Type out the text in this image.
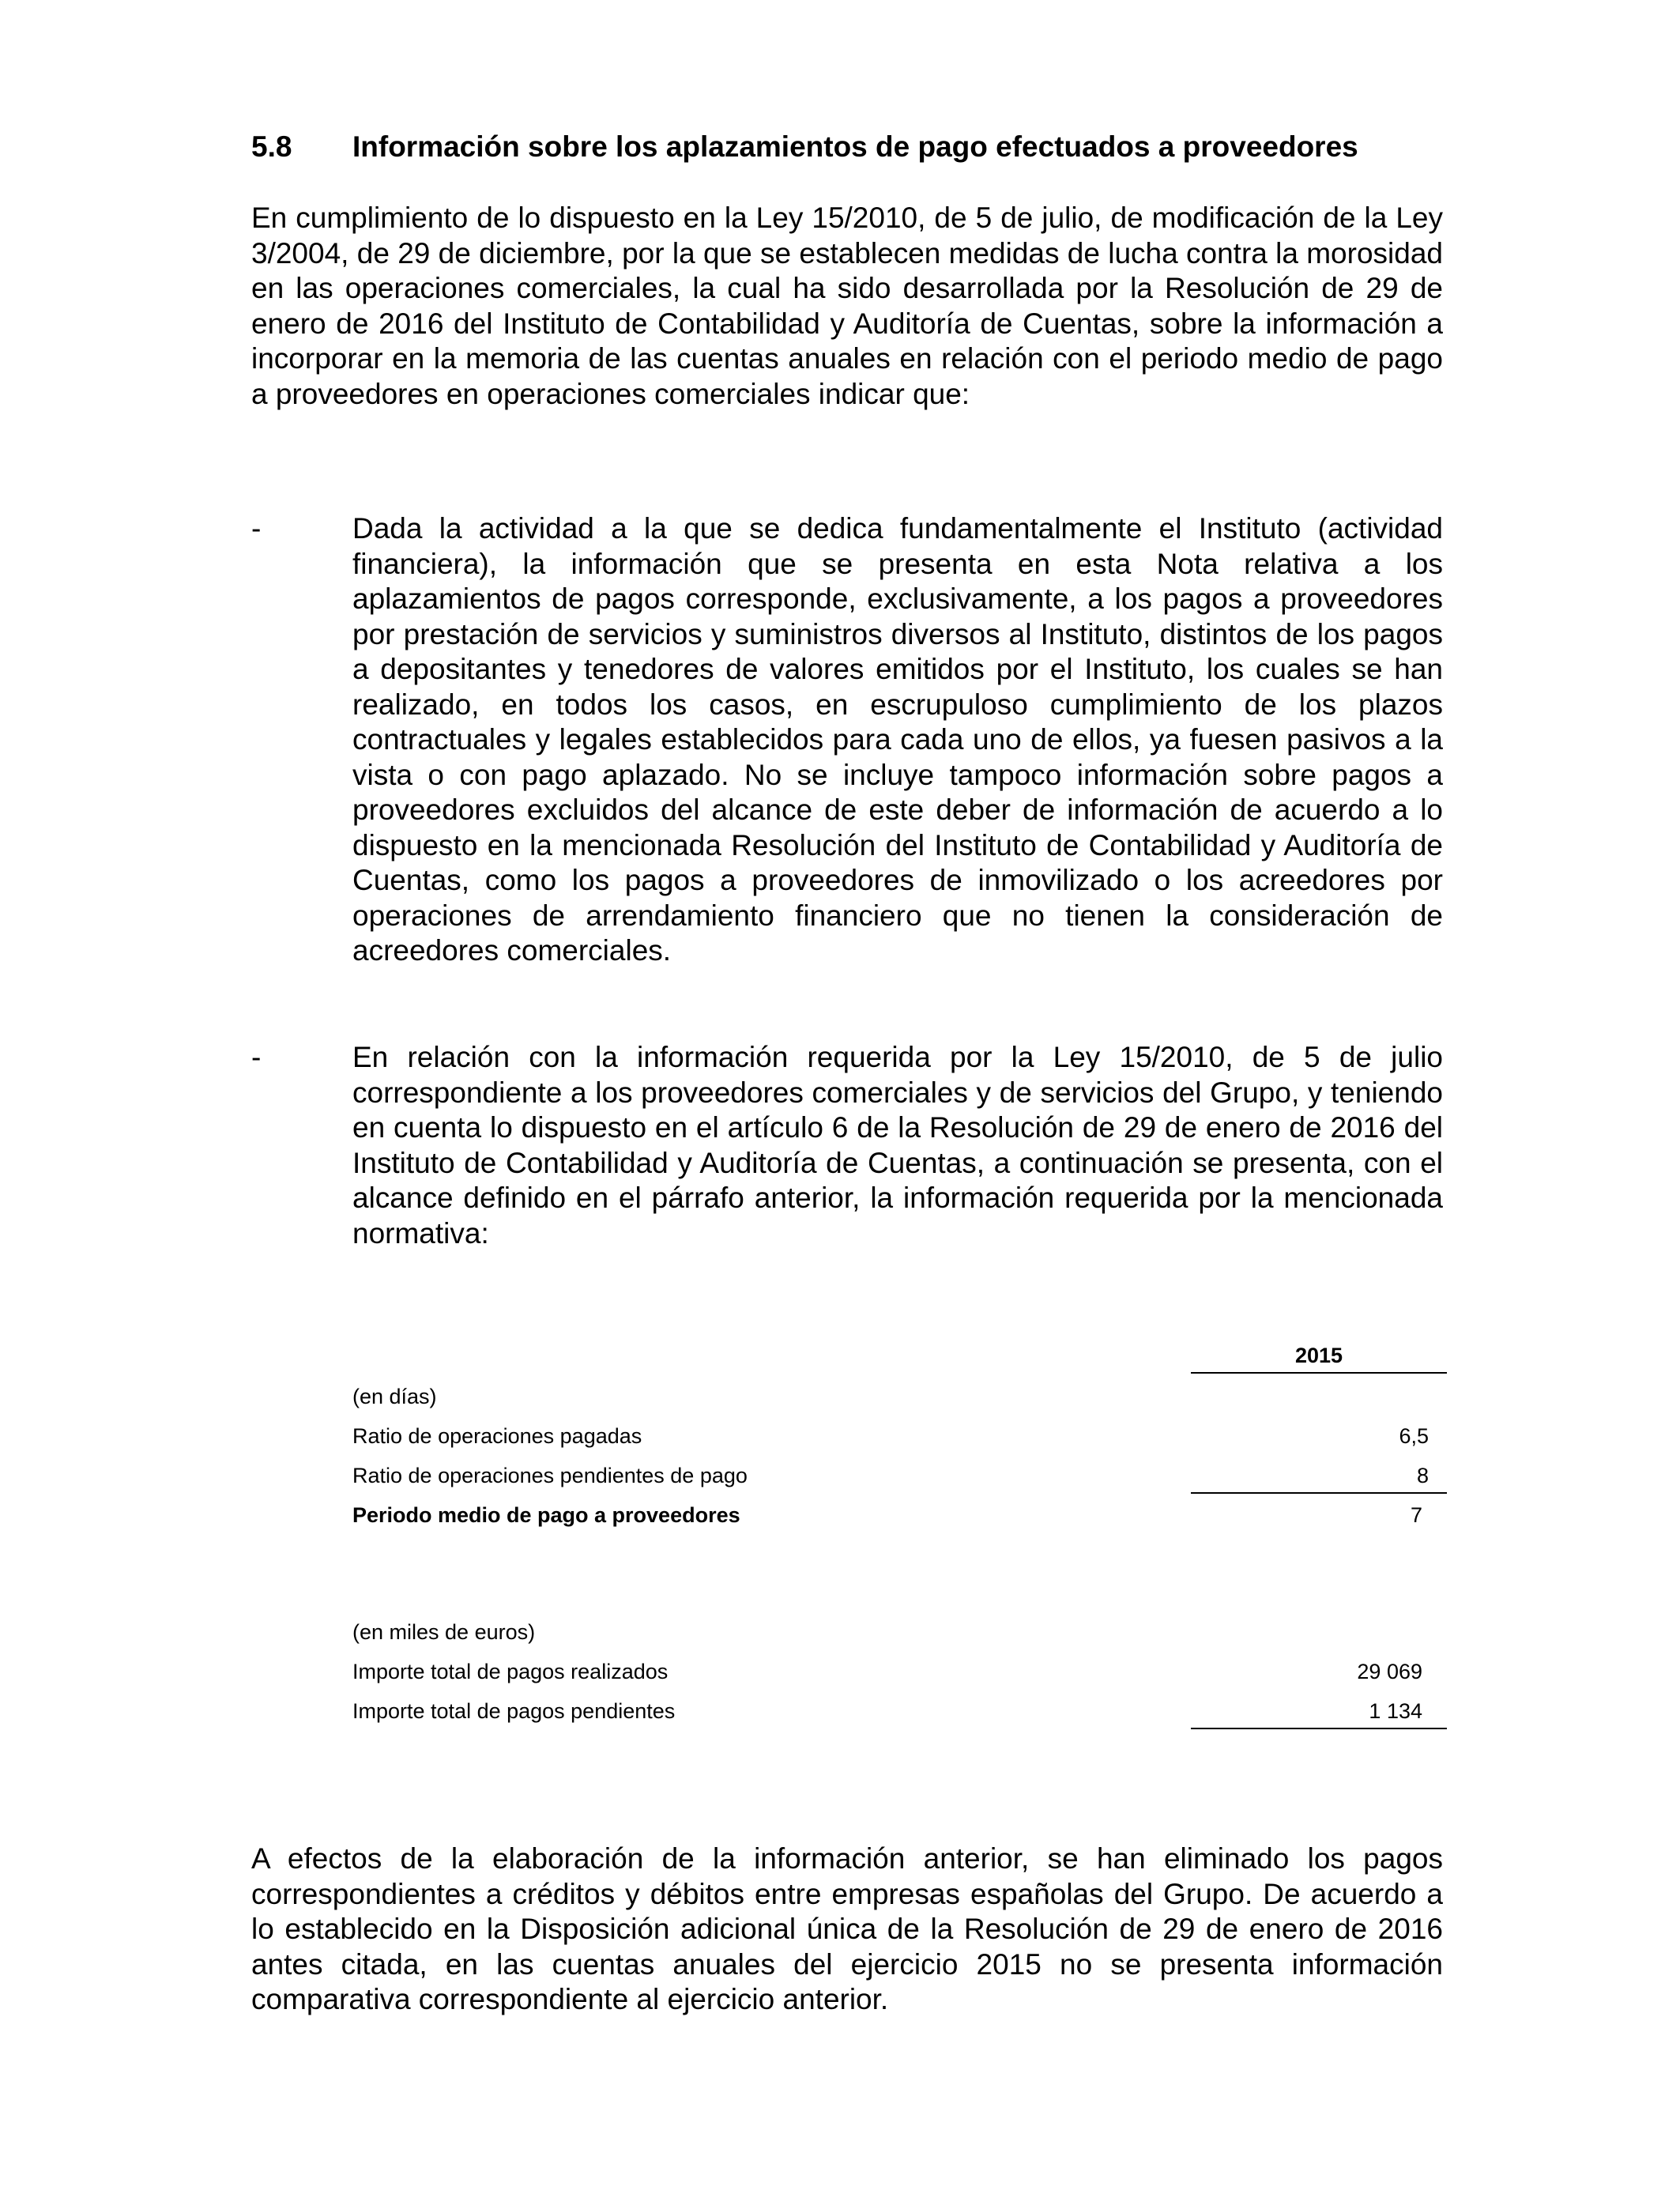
5.8 Información sobre los aplazamientos de pago efectuados a proveedores

En cumplimiento de lo dispuesto en la Ley 15/2010, de 5 de julio, de modificación de la Ley 3/2004, de 29 de diciembre, por la que se establecen medidas de lucha contra la morosidad en las operaciones comerciales, la cual ha sido desarrollada por la Resolución de 29 de enero de 2016 del Instituto de Contabilidad y Auditoría de Cuentas, sobre la información a incorporar en la memoria de las cuentas anuales en relación con el periodo medio de pago a proveedores en operaciones comerciales indicar que:

-	Dada la actividad a la que se dedica fundamentalmente el Instituto (actividad financiera), la información que se presenta en esta Nota relativa a los aplazamientos de pagos corresponde, exclusivamente, a los pagos a proveedores por prestación de servicios y suministros diversos al Instituto, distintos de los pagos a depositantes y tenedores de valores emitidos por el Instituto, los cuales se han realizado, en todos los casos, en escrupuloso cumplimiento de los plazos contractuales y legales establecidos para cada uno de ellos, ya fuesen pasivos a la vista o con pago aplazado. No se incluye tampoco información sobre pagos a proveedores excluidos del alcance de este deber de información de acuerdo a lo dispuesto en la mencionada Resolución del Instituto de Contabilidad y Auditoría de Cuentas, como los pagos a proveedores de inmovilizado o los acreedores por operaciones de arrendamiento financiero que no tienen la consideración de acreedores comerciales.

-	En relación con la información requerida por la Ley 15/2010, de 5 de julio correspondiente a los proveedores comerciales y de servicios del Grupo, y teniendo en cuenta lo dispuesto en el artículo 6 de la Resolución de 29 de enero de 2016 del Instituto de Contabilidad y Auditoría de Cuentas, a continuación se presenta, con el alcance definido en el párrafo anterior, la información requerida por la mencionada normativa:

2015
(en días)
Ratio de operaciones pagadas	6,5
Ratio de operaciones pendientes de pago	8
Periodo medio de pago a proveedores	7
(en miles de euros)
Importe total de pagos realizados	29 069
Importe total de pagos pendientes	1 134

A efectos de la elaboración de la información anterior, se han eliminado los pagos correspondientes a créditos y débitos entre empresas españolas del Grupo. De acuerdo a lo establecido en la Disposición adicional única de la Resolución de 29 de enero de 2016 antes citada, en las cuentas anuales del ejercicio 2015 no se presenta información comparativa correspondiente al ejercicio anterior.
